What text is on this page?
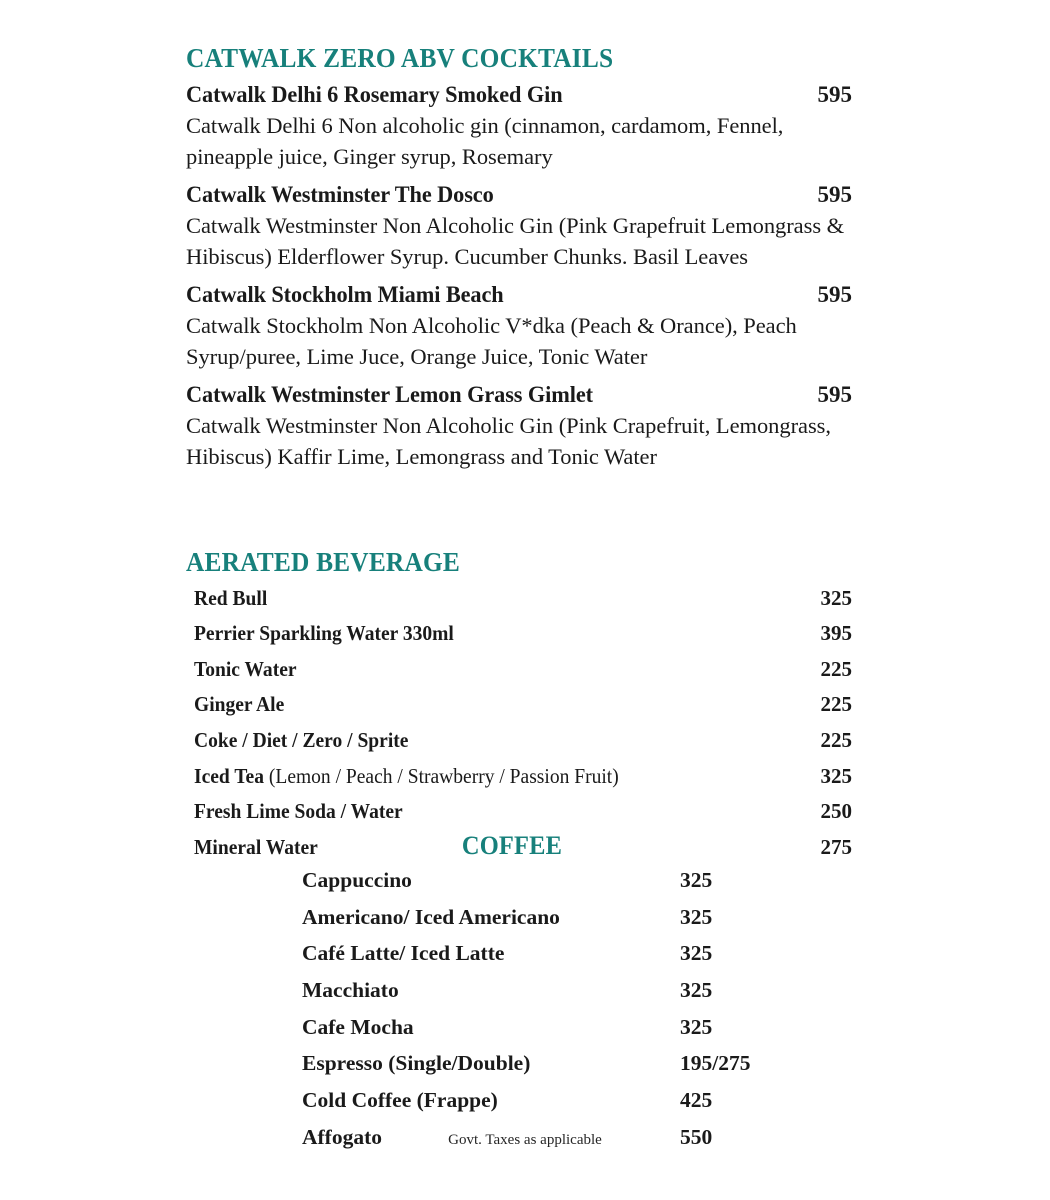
CATWALK ZERO ABV COCKTAILS
Catwalk Delhi 6 Rosemary Smoked Gin	595
Catwalk Delhi 6 Non alcoholic gin (cinnamon, cardamom, Fennel, pineapple juice, Ginger syrup, Rosemary
Catwalk Westminster The Dosco	595
Catwalk Westminster Non Alcoholic Gin (Pink Grapefruit Lemongrass & Hibiscus) Elderflower Syrup. Cucumber Chunks. Basil Leaves
Catwalk Stockholm Miami Beach	595
Catwalk Stockholm Non Alcoholic V*dka (Peach & Orance), Peach Syrup/puree, Lime Juce, Orange Juice, Tonic Water
Catwalk Westminster Lemon Grass Gimlet	595
Catwalk Westminster Non Alcoholic Gin (Pink Crapefruit, Lemongrass, Hibiscus) Kaffir Lime, Lemongrass and Tonic Water
AERATED BEVERAGE
Red Bull	325
Perrier Sparkling Water 330ml	395
Tonic Water	225
Ginger Ale	225
Coke / Diet / Zero / Sprite	225
Iced Tea (Lemon / Peach / Strawberry / Passion Fruit)	325
Fresh Lime Soda / Water	250
Mineral Water	275
COFFEE
Cappuccino	325
Americano/ Iced Americano	325
Café Latte/ Iced Latte	325
Macchiato	325
Cafe Mocha	325
Espresso (Single/Double)	195/275
Cold Coffee (Frappe)	425
Affogato	550
Govt. Taxes as applicable
